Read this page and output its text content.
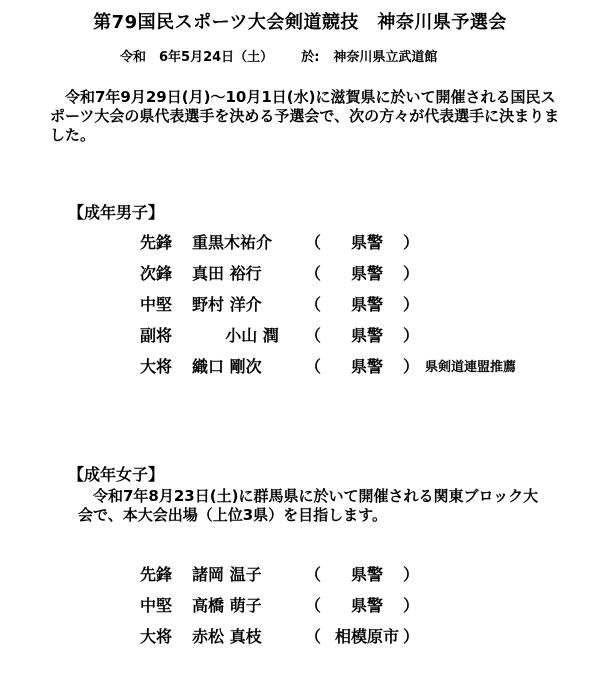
第79国民スポーツ大会剣道競技　神奈川県予選会
令和　6年5月24日（土） 於: 神奈川県立武道館
令和7年9月29日(月)～10月1日(水)に滋賀県に於いて開催される国民スポーツ大会の県代表選手を決める予選会で、次の方々が代表選手に決まりました。
【成年男子】
先鋒	重黒木祐介	（	県警	）
次鋒	真田 裕行	（	県警	）
中堅	野村 洋介	（	県警	）
副将	小山 潤	（	県警	）
大将	織口 剛次	（	県警	） 県剣道連盟推薦
【成年女子】
令和7年8月23日(土)に群馬県に於いて開催される関東ブロック大会で、本大会出場（上位3県）を目指します。
先鋒	諸岡 温子	（	県警	）
中堅	高橋 萌子	（	県警	）
大将	赤松 真枝	（ 相模原市 ）
